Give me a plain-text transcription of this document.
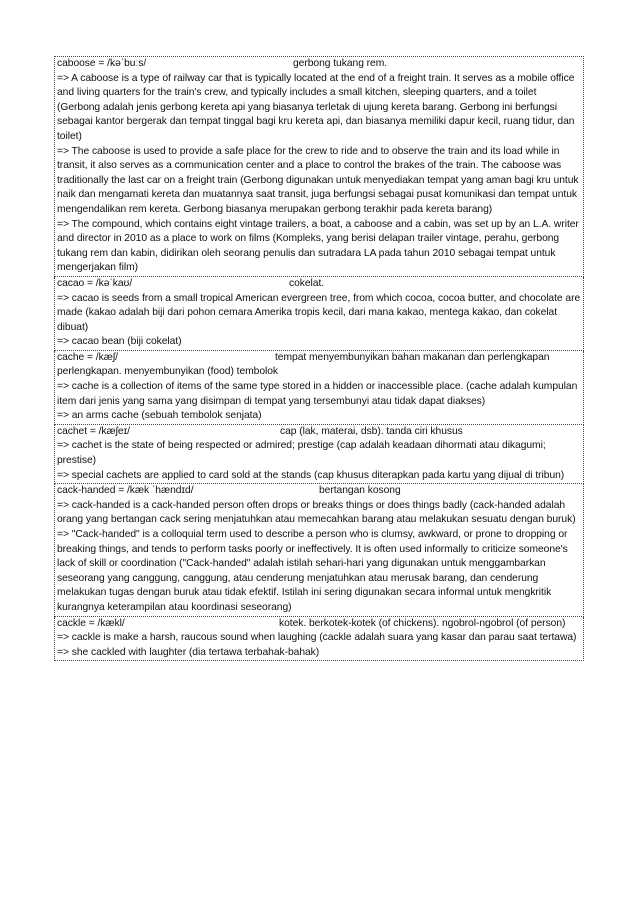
caboose = /kəˈbuːs/	gerbong tukang rem.
=> A caboose is a type of railway car that is typically located at the end of a freight train. It serves as a mobile office and living quarters for the train's crew, and typically includes a small kitchen, sleeping quarters, and a toilet (Gerbong adalah jenis gerbong kereta api yang biasanya terletak di ujung kereta barang. Gerbong ini berfungsi sebagai kantor bergerak dan tempat tinggal bagi kru kereta api, dan biasanya memiliki dapur kecil, ruang tidur, dan toilet)
=> The caboose is used to provide a safe place for the crew to ride and to observe the train and its load while in transit, it also serves as a communication center and a place to control the brakes of the train. The caboose was traditionally the last car on a freight train (Gerbong digunakan untuk menyediakan tempat yang aman bagi kru untuk naik dan mengamati kereta dan muatannya saat transit, juga berfungsi sebagai pusat komunikasi dan tempat untuk mengendalikan rem kereta. Gerbong biasanya merupakan gerbong terakhir pada kereta barang)
=> The compound, which contains eight vintage trailers, a boat, a caboose and a cabin, was set up by an L.A. writer and director in 2010 as a place to work on films (Kompleks, yang berisi delapan trailer vintage, perahu, gerbong tukang rem dan kabin, didirikan oleh seorang penulis dan sutradara LA pada tahun 2010 sebagai tempat untuk mengerjakan film)
cacao = /kəˈkaʊ/	cokelat.
=> cacao is seeds from a small tropical American evergreen tree, from which cocoa, cocoa butter, and chocolate are made (kakao adalah biji dari pohon cemara Amerika tropis kecil, dari mana kakao, mentega kakao, dan cokelat dibuat)
=> cacao bean (biji cokelat)
cache = /kæʃ/	tempat menyembunyikan bahan makanan dan perlengkapan perlengkapan. menyembunyikan (food) tembolok
=> cache is a collection of items of the same type stored in a hidden or inaccessible place. (cache adalah kumpulan item dari jenis yang sama yang disimpan di tempat yang tersembunyi atau tidak dapat diakses)
=> an arms cache (sebuah tembolok senjata)
cachet = /kæʃeɪ/	cap (lak, materai, dsb). tanda ciri khusus
=> cachet is the state of being respected or admired; prestige (cap adalah keadaan dihormati atau dikagumi; prestise)
=> special cachets are applied to card sold at the stands (cap khusus diterapkan pada kartu yang dijual di tribun)
cack-handed = /kæk ˈhændɪd/	bertangan kosong
=> cack-handed is a cack-handed person often drops or breaks things or does things badly (cack-handed adalah orang yang bertangan cack sering menjatuhkan atau memecahkan barang atau melakukan sesuatu dengan buruk)
=> "Cack-handed" is a colloquial term used to describe a person who is clumsy, awkward, or prone to dropping or breaking things, and tends to perform tasks poorly or ineffectively. It is often used informally to criticize someone's lack of skill or coordination ("Cack-handed" adalah istilah sehari-hari yang digunakan untuk menggambarkan seseorang yang canggung, canggung, atau cenderung menjatuhkan atau merusak barang, dan cenderung melakukan tugas dengan buruk atau tidak efektif. Istilah ini sering digunakan secara informal untuk mengkritik kurangnya keterampilan atau koordinasi seseorang)
cackle = /kækl/	kotek. berkotek-kotek (of chickens). ngobrol-ngobrol (of person)
=> cackle is make a harsh, raucous sound when laughing (cackle adalah suara yang kasar dan parau saat tertawa)
=> she cackled with laughter (dia tertawa terbahak-bahak)
